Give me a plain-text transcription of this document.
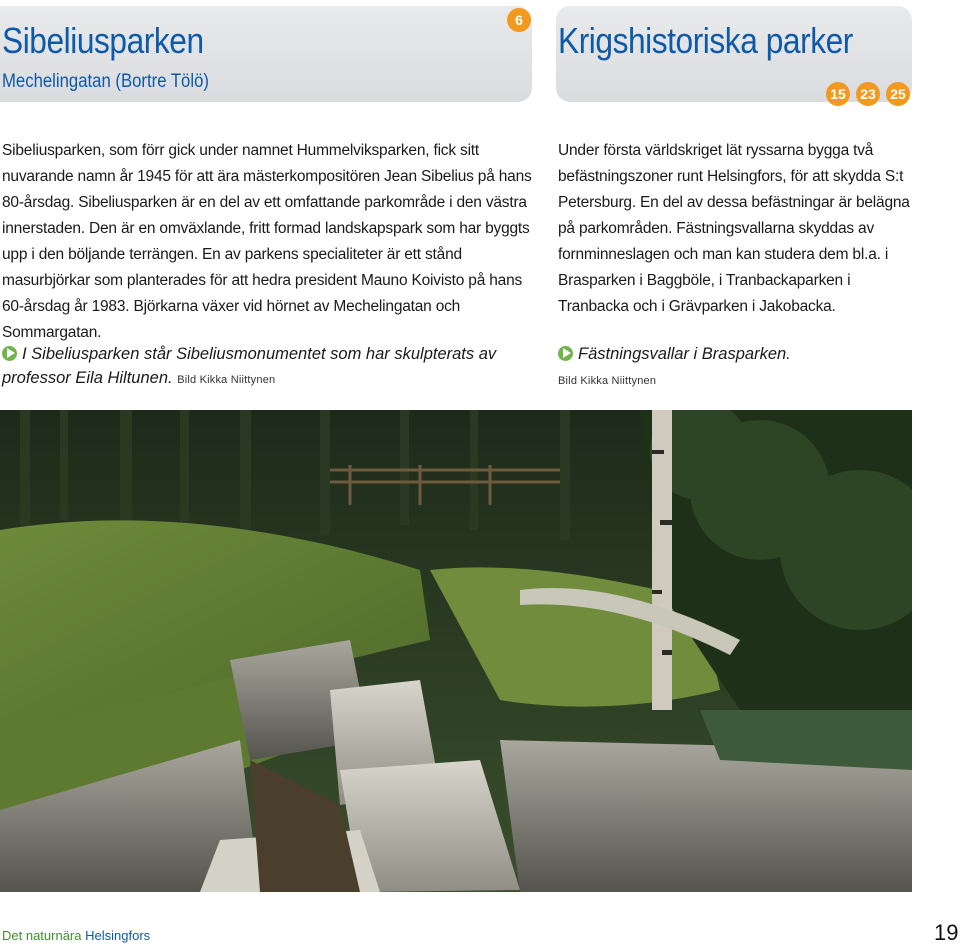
Sibeliusparken
Mechelingatan (Bortre Tölö)
6 Krigshistoriska parker
15	23	25

Sibeliusparken, som förr gick under namnet Hummelviksparken, fick sitt nuvarande namn år 1945 för att ära mästerkompositören Jean Sibelius på hans 80-årsdag. Sibeliusparken är en del av ett omfattande parkområde i den västra innerstaden. Den är en omväxlande, fritt formad landskapspark som har byggts upp i den böljande terrängen. En av parkens specialiteter är ett stånd masurbjörkar som planterades för att hedra president Mauno Koivisto på hans 60-årsdag år 1983. Björkarna växer vid hörnet av Mechelingatan och Sommargatan.

Under första världskriget lät ryssarna bygga två befästningszoner runt Helsingfors, för att skydda S:t Petersburg. En del av dessa befästningar är belägna på parkområden. Fästningsvallarna skyddas av fornminneslagen och man kan studera dem bl.a. i Brasparken i Baggböle, i Tranbackaparken i Tranbacka och i Grävparken i Jakobacka.

I Sibeliusparken står Sibeliusmonumentet som har skulpterats av professor Eila Hiltunen. Bild Kikka Niittynen
Fästningsvallar i Brasparken.
Bild Kikka Niittynen
Det naturnära Helsingfors	19
